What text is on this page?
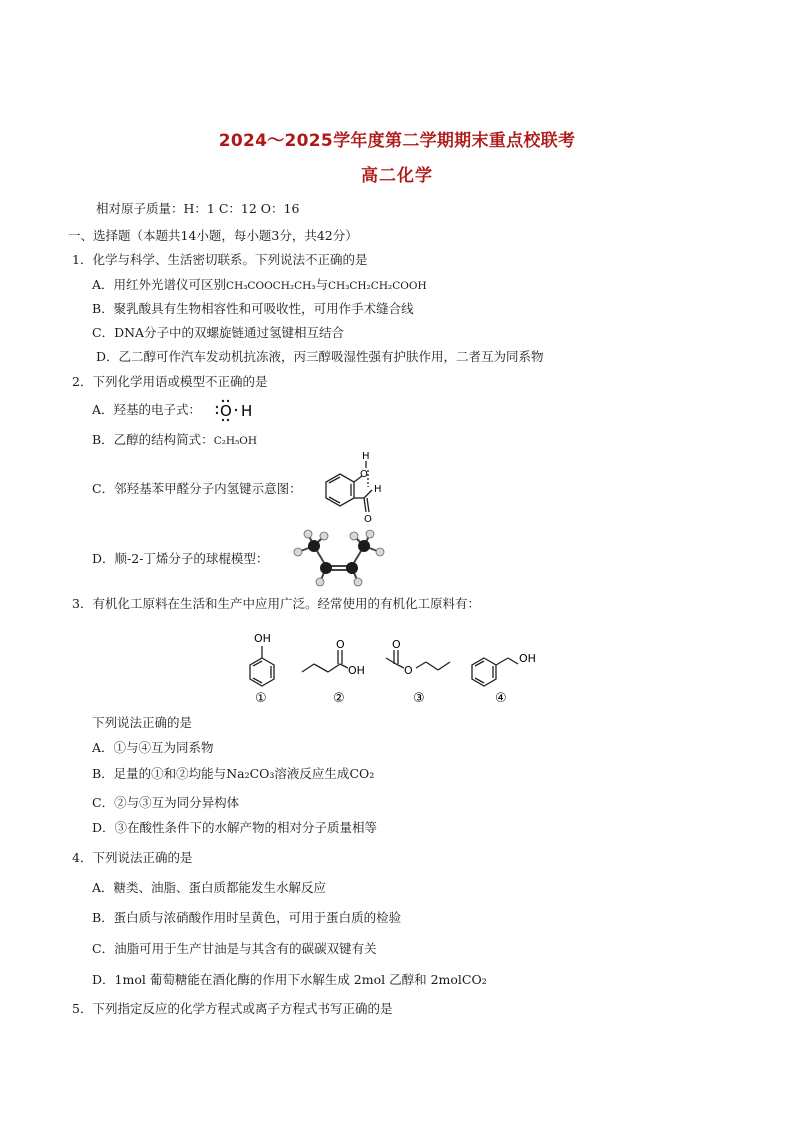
2024～2025学年度第二学期期末重点校联考
高二化学
相对原子质量：H：1 C：12 O：16
一、选择题（本题共14小题，每小题3分，共42分）
1．化学与科学、生活密切联系。下列说法不正确的是
A．用红外光谱仪可区别CH₃COOCH₂CH₃与CH₃CH₂CH₂COOH
B．聚乳酸具有生物相容性和可吸收性，可用作手术缝合线
C．DNA分子中的双螺旋链通过氢键相互结合
D．乙二醇可作汽车发动机抗冻液，丙三醇吸湿性强有护肤作用，二者互为同系物
2．下列化学用语或模型不正确的是
A．羟基的电子式： O H
B．乙醇的结构简式：C₂H₅OH
C．邻羟基苯甲醛分子内氢键示意图：
H
O
H
O
D．顺-2-丁烯分子的球棍模型：
3．有机化工原料在生活和生产中应用广泛。经常使用的有机化工原料有：
OH	O
OH
O
O
OH
①	②	③	④
下列说法正确的是
A．①与④互为同系物
B．足量的①和②均能与Na₂CO₃溶液反应生成CO₂
C．②与③互为同分异构体
D．③在酸性条件下的水解产物的相对分子质量相等
4．下列说法正确的是
A．糖类、油脂、蛋白质都能发生水解反应
B．蛋白质与浓硝酸作用时呈黄色，可用于蛋白质的检验
C．油脂可用于生产甘油是与其含有的碳碳双键有关
D．1mol 葡萄糖能在酒化酶的作用下水解生成 2mol 乙醇和 2molCO₂
5．下列指定反应的化学方程式或离子方程式书写正确的是
